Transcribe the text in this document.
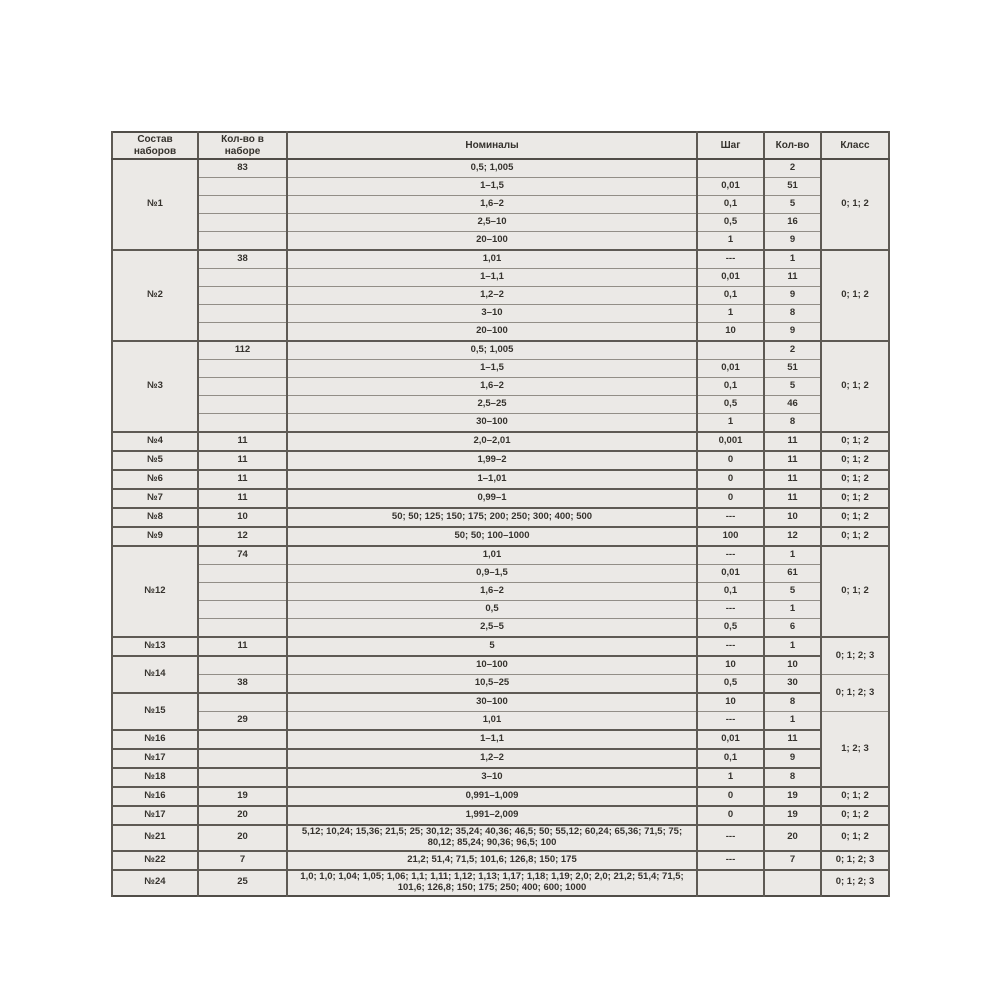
Состав наборов	Кол-во в наборе	Номиналы	Шаг	Кол-во	Класс
№1	83	0,5; 1,005		2	0; 1; 2
		1–1,5	0,01	51	
		1,6–2	0,1	5	
		2,5–10	0,5	16	
		20–100	1	9	
№2	38	1,01	---	1	0; 1; 2
		1–1,1	0,01	11	
		1,2–2	0,1	9	
		3–10	1	8	
		20–100	10	9	
№3	112	0,5; 1,005		2	0; 1; 2
		1–1,5	0,01	51	
		1,6–2	0,1	5	
		2,5–25	0,5	46	
		30–100	1	8	
№4	11	2,0–2,01	0,001	11	0; 1; 2
№5	11	1,99–2	0	11	0; 1; 2
№6	11	1–1,01	0	11	0; 1; 2
№7	11	0,99–1	0	11	0; 1; 2
№8	10	50; 50; 125; 150; 175; 200; 250; 300; 400; 500	---	10	0; 1; 2
№9	12	50; 50; 100–1000	100	12	0; 1; 2
№12	74	1,01	---	1	0; 1; 2
		0,9–1,5	0,01	61	
		1,6–2	0,1	5	
		0,5	---	1	
		2,5–5	0,5	6	
№13	11	5	---	1	0; 1; 2; 3
№14		10–100	10	10	
	38	10,5–25	0,5	30	0; 1; 2; 3
№15		30–100	10	8	
	29	1,01	---	1	1; 2; 3
№16		1–1,1	0,01	11	
№17		1,2–2	0,1	9	
№18		3–10	1	8	
№16	19	0,991–1,009	0	19	0; 1; 2
№17	20	1,991–2,009	0	19	0; 1; 2
№21	20	5,12; 10,24; 15,36; 21,5; 25; 30,12; 35,24; 40,36; 46,5; 50; 55,12; 60,24; 65,36; 71,5; 75; 80,12; 85,24; 90,36; 96,5; 100	---	20	0; 1; 2
№22	7	21,2; 51,4; 71,5; 101,6; 126,8; 150; 175	---	7	0; 1; 2; 3
№24	25	1,0; 1,0; 1,04; 1,05; 1,06; 1,1; 1,11; 1,12; 1,13; 1,17; 1,18; 1,19; 2,0; 2,0; 21,2; 51,4; 71,5; 101,6; 126,8; 150; 175; 250; 400; 600; 1000			0; 1; 2; 3
